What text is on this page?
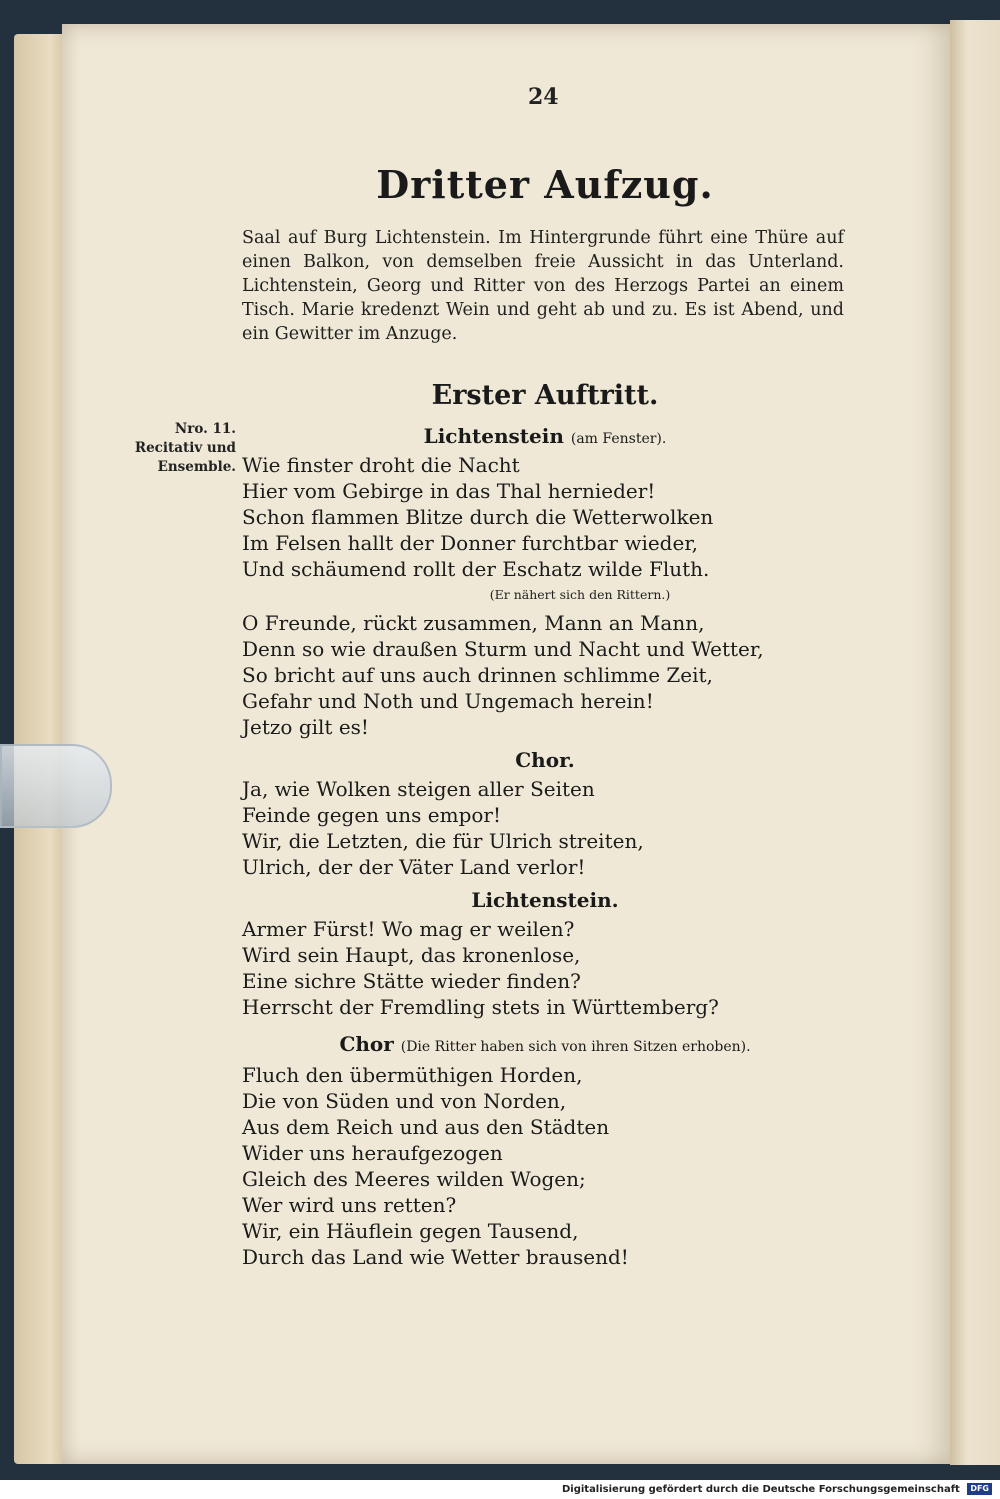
24
Dritter Aufzug.
Saal auf Burg Lichtenstein. Im Hintergrunde führt eine Thüre auf einen Balkon, von demselben freie Aussicht in das Unterland. Lichtenstein, Georg und Ritter von des Herzogs Partei an einem Tisch. Marie kredenzt Wein und geht ab und zu. Es ist Abend, und ein Gewitter im Anzuge.
Erster Auftritt.
Nro. 11.
Recitativ und
Ensemble.
Lichtenstein (am Fenster).
Wie finster droht die Nacht
Hier vom Gebirge in das Thal hernieder!
Schon flammen Blitze durch die Wetterwolken
Im Felsen hallt der Donner furchtbar wieder,
Und schäumend rollt der Eschatz wilde Fluth.
(Er nähert sich den Rittern.)
O Freunde, rückt zusammen, Mann an Mann,
Denn so wie draußen Sturm und Nacht und Wetter,
So bricht auf uns auch drinnen schlimme Zeit,
Gefahr und Noth und Ungemach herein!
Jetzo gilt es!
Chor.
Ja, wie Wolken steigen aller Seiten
Feinde gegen uns empor!
Wir, die Letzten, die für Ulrich streiten,
Ulrich, der der Väter Land verlor!
Lichtenstein.
Armer Fürst! Wo mag er weilen?
Wird sein Haupt, das kronenlose,
Eine sichre Stätte wieder finden?
Herrscht der Fremdling stets in Württemberg?
Chor (Die Ritter haben sich von ihren Sitzen erhoben).
Fluch den übermüthigen Horden,
Die von Süden und von Norden,
Aus dem Reich und aus den Städten
Wider uns heraufgezogen
Gleich des Meeres wilden Wogen;
Wer wird uns retten?
Wir, ein Häuflein gegen Tausend,
Durch das Land wie Wetter brausend!
Digitalisierung gefördert durch die Deutsche Forschungsgemeinschaft DFG
